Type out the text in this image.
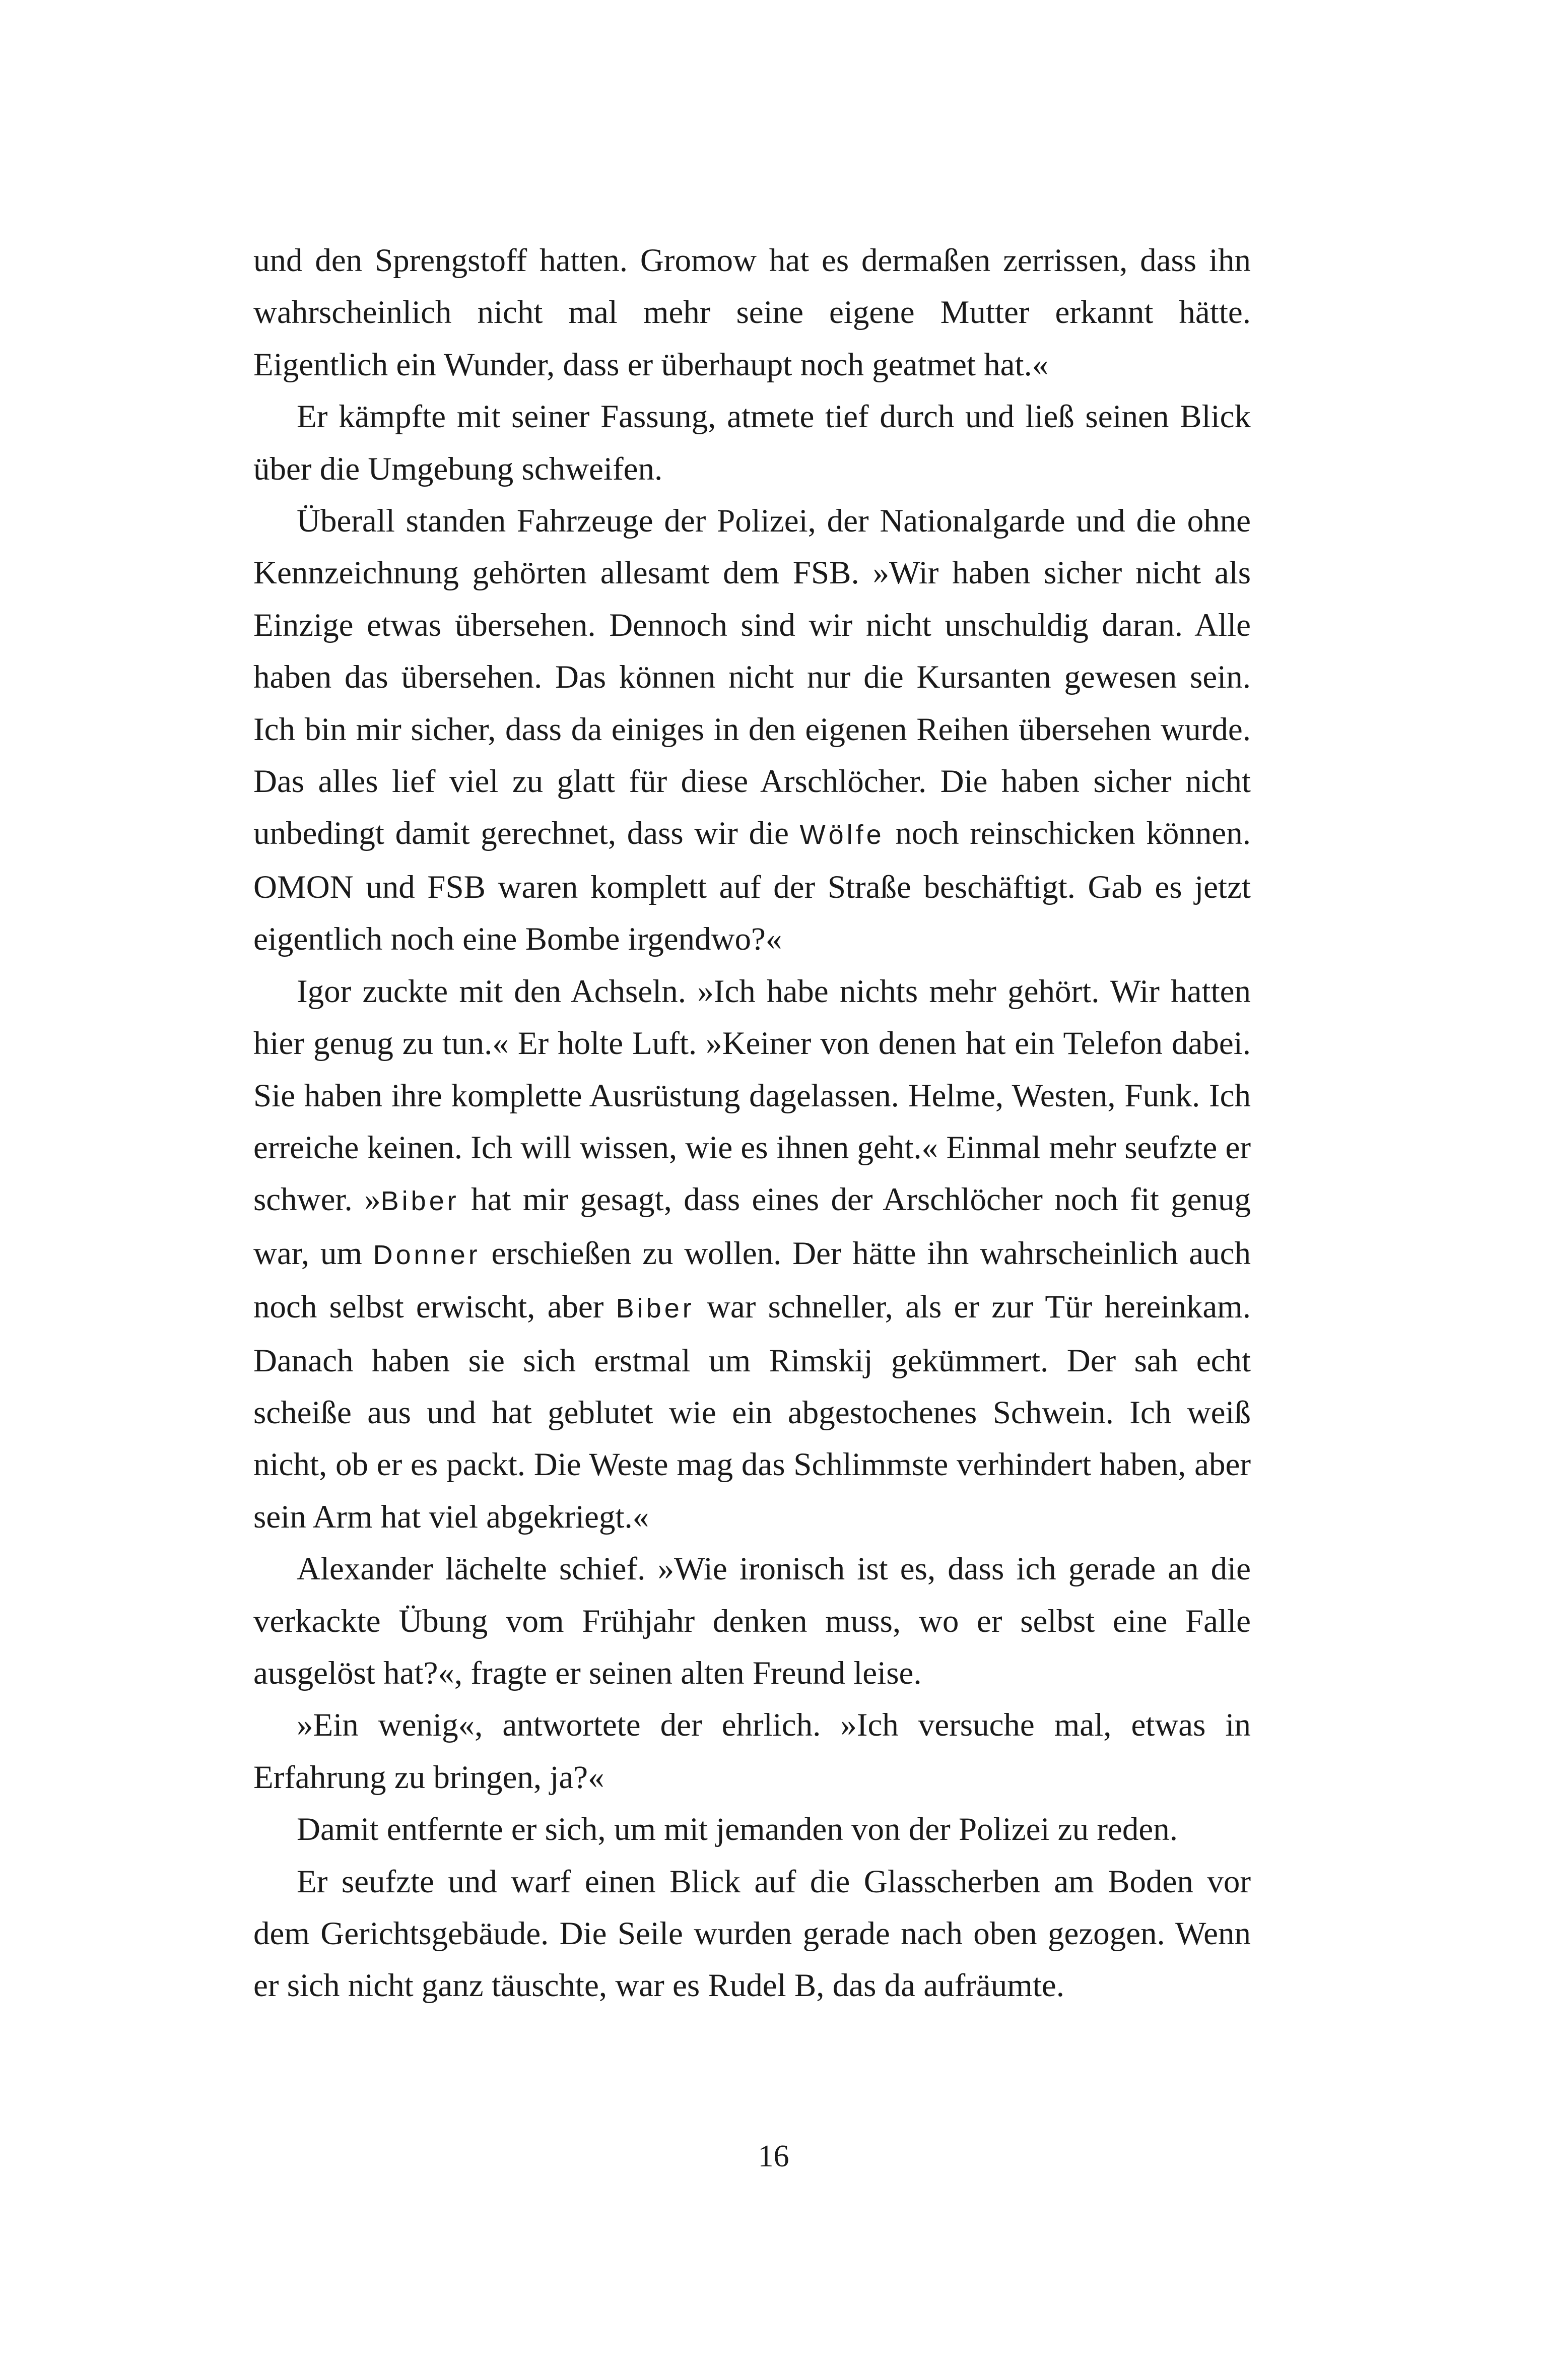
und den Sprengstoff hatten. Gromow hat es dermaßen zerrissen, dass ihn wahrscheinlich nicht mal mehr seine eigene Mutter erkannt hätte. Eigentlich ein Wunder, dass er überhaupt noch geatmet hat.«

Er kämpfte mit seiner Fassung, atmete tief durch und ließ seinen Blick über die Umgebung schweifen.

Überall standen Fahrzeuge der Polizei, der Nationalgarde und die ohne Kennzeichnung gehörten allesamt dem FSB. »Wir haben sicher nicht als Einzige etwas übersehen. Dennoch sind wir nicht unschuldig daran. Alle haben das übersehen. Das können nicht nur die Kursanten gewesen sein. Ich bin mir sicher, dass da einiges in den eigenen Reihen übersehen wurde. Das alles lief viel zu glatt für diese Arschlöcher. Die haben sicher nicht unbedingt damit gerechnet, dass wir die Wölfe noch reinschicken können. OMON und FSB waren komplett auf der Straße beschäftigt. Gab es jetzt eigentlich noch eine Bombe irgendwo?«

Igor zuckte mit den Achseln. »Ich habe nichts mehr gehört. Wir hatten hier genug zu tun.« Er holte Luft. »Keiner von denen hat ein Telefon dabei. Sie haben ihre komplette Ausrüstung dagelassen. Helme, Westen, Funk. Ich erreiche keinen. Ich will wissen, wie es ihnen geht.« Einmal mehr seufzte er schwer. »Biber hat mir gesagt, dass eines der Arschlöcher noch fit genug war, um Donner erschießen zu wollen. Der hätte ihn wahrscheinlich auch noch selbst erwischt, aber Biber war schneller, als er zur Tür hereinkam. Danach haben sie sich erstmal um Rimskij gekümmert. Der sah echt scheiße aus und hat geblutet wie ein abgestochenes Schwein. Ich weiß nicht, ob er es packt. Die Weste mag das Schlimmste verhindert haben, aber sein Arm hat viel abgekriegt.«

Alexander lächelte schief. »Wie ironisch ist es, dass ich gerade an die verkackte Übung vom Frühjahr denken muss, wo er selbst eine Falle ausgelöst hat?«, fragte er seinen alten Freund leise.

»Ein wenig«, antwortete der ehrlich. »Ich versuche mal, etwas in Erfahrung zu bringen, ja?«

Damit entfernte er sich, um mit jemanden von der Polizei zu reden.

Er seufzte und warf einen Blick auf die Glasscherben am Boden vor dem Gerichtsgebäude. Die Seile wurden gerade nach oben gezogen. Wenn er sich nicht ganz täuschte, war es Rudel B, das da aufräumte.

16
